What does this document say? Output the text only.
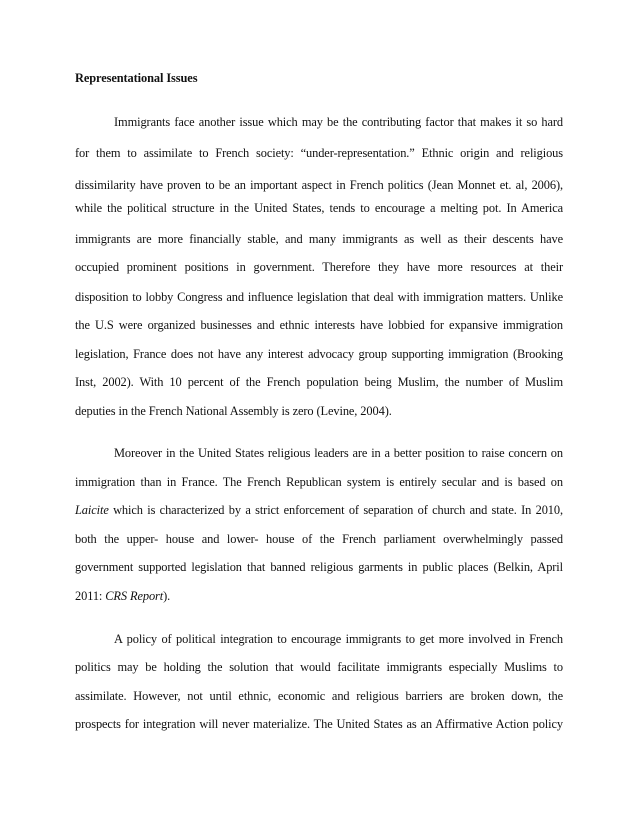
Representational Issues
Immigrants face another issue which may be the contributing factor that makes it so hard
for them to assimilate to French society: “under-representation.” Ethnic origin and religious
dissimilarity have proven to be an important aspect in French politics (Jean Monnet et. al, 2006),
while the political structure in the United States, tends to encourage a melting pot. In America
immigrants are more financially stable, and many immigrants as well as their descents have
occupied prominent positions in government. Therefore they have more resources at their
disposition to lobby Congress and influence legislation that deal with immigration matters. Unlike
the U.S were organized businesses and ethnic interests have lobbied for expansive immigration
legislation, France does not have any interest advocacy group supporting immigration (Brooking
Inst, 2002). With 10 percent of the French population being Muslim, the number of Muslim
deputies in the French National Assembly is zero (Levine, 2004).
Moreover in the United States religious leaders are in a better position to raise concern on
immigration than in France. The French Republican system is entirely secular and is based on
Laicite which is characterized by a strict enforcement of separation of church and state. In 2010,
both the upper- house and lower- house of the French parliament overwhelmingly passed
government supported legislation that banned religious garments in public places (Belkin, April
2011: CRS Report).
A policy of political integration to encourage immigrants to get more involved in French
politics may be holding the solution that would facilitate immigrants especially Muslims to
assimilate. However, not until ethnic, economic and religious barriers are broken down, the
prospects for integration will never materialize. The United States as an Affirmative Action policy
